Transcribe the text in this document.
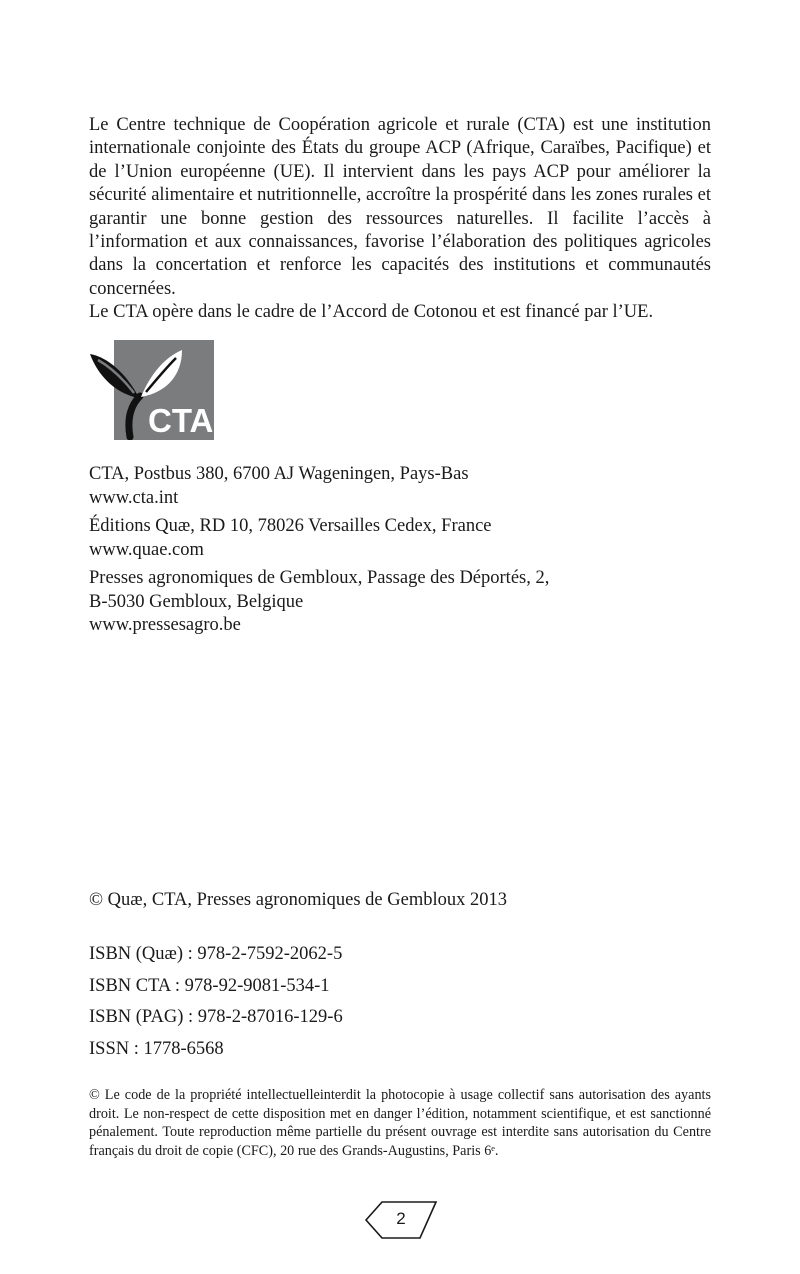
Le Centre technique de Coopération agricole et rurale (CTA) est une institution internationale conjointe des États du groupe ACP (Afrique, Caraïbes, Pacifique) et de l’Union européenne (UE). Il intervient dans les pays ACP pour améliorer la sécurité alimentaire et nutritionnelle, accroître la prospérité dans les zones rurales et garantir une bonne gestion des ressources naturelles. Il facilite l’accès à l’information et aux connaissances, favorise l’élaboration des politiques agricoles dans la concertation et renforce les capacités des institutions et communautés concernées.

Le CTA opère dans le cadre de l’Accord de Cotonou et est financé par l’UE.

CTA
CTA, Postbus 380, 6700 AJ Wageningen, Pays-Bas
www.cta.int
Éditions Quæ, RD 10, 78026 Versailles Cedex, France
www.quae.com
Presses agronomiques de Gembloux, Passage des Déportés, 2,
B-5030 Gembloux, Belgique
www.pressesagro.be
© Quæ, CTA, Presses agronomiques de Gembloux 2013
ISBN (Quæ) : 978-2-7592-2062-5
ISBN CTA : 978-92-9081-534-1
ISBN (PAG) : 978-2-87016-129-6
ISSN : 1778-6568
© Le code de la propriété intellectuelleinterdit la photocopie à usage collectif sans autorisation des ayants droit. Le non-respect de cette disposition met en danger l’édition, notamment scientifique, et est sanctionné pénalement. Toute reproduction même partielle du présent ouvrage est interdite sans autorisation du Centre français du droit de copie (CFC), 20 rue des Grands-Augustins, Paris 6ᵉ.
2
